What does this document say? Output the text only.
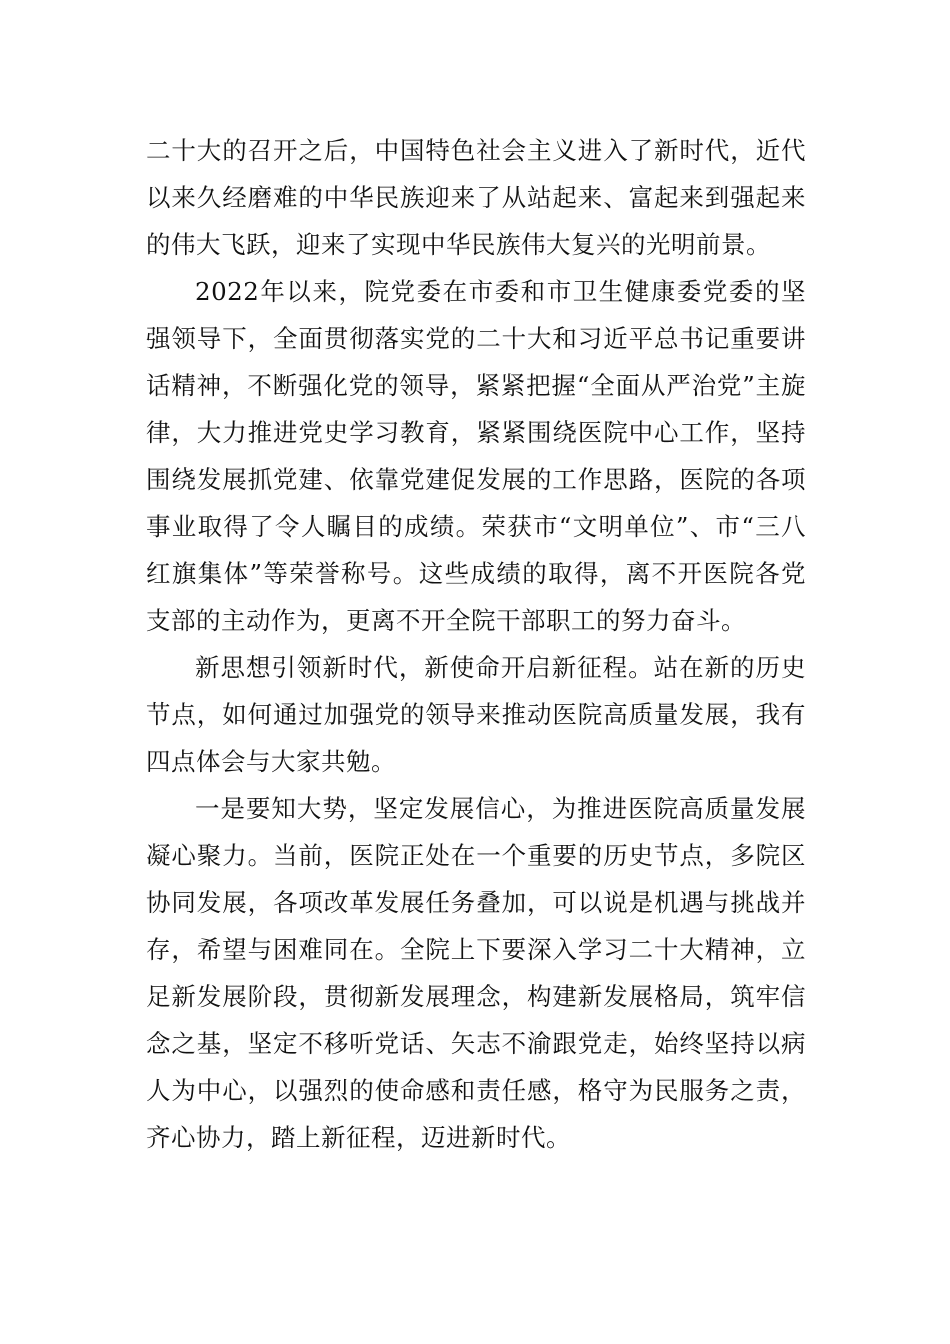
二十大的召开之后，中国特色社会主义进入了新时代，近代以来久经磨难的中华民族迎来了从站起来、富起来到强起来的伟大飞跃，迎来了实现中华民族伟大复兴的光明前景。

2022年以来，院党委在市委和市卫生健康委党委的坚强领导下，全面贯彻落实党的二十大和习近平总书记重要讲话精神，不断强化党的领导，紧紧把握“全面从严治党”主旋律，大力推进党史学习教育，紧紧围绕医院中心工作，坚持围绕发展抓党建、依靠党建促发展的工作思路，医院的各项事业取得了令人瞩目的成绩。荣获市“文明单位”、市“三八红旗集体”等荣誉称号。这些成绩的取得，离不开医院各党支部的主动作为，更离不开全院干部职工的努力奋斗。

新思想引领新时代，新使命开启新征程。站在新的历史节点，如何通过加强党的领导来推动医院高质量发展，我有四点体会与大家共勉。

一是要知大势，坚定发展信心，为推进医院高质量发展凝心聚力。当前，医院正处在一个重要的历史节点，多院区协同发展，各项改革发展任务叠加，可以说是机遇与挑战并存，希望与困难同在。全院上下要深入学习二十大精神，立足新发展阶段，贯彻新发展理念，构建新发展格局，筑牢信念之基，坚定不移听党话、矢志不渝跟党走，始终坚持以病人为中心，以强烈的使命感和责任感，格守为民服务之责，齐心协力，踏上新征程，迈进新时代。
